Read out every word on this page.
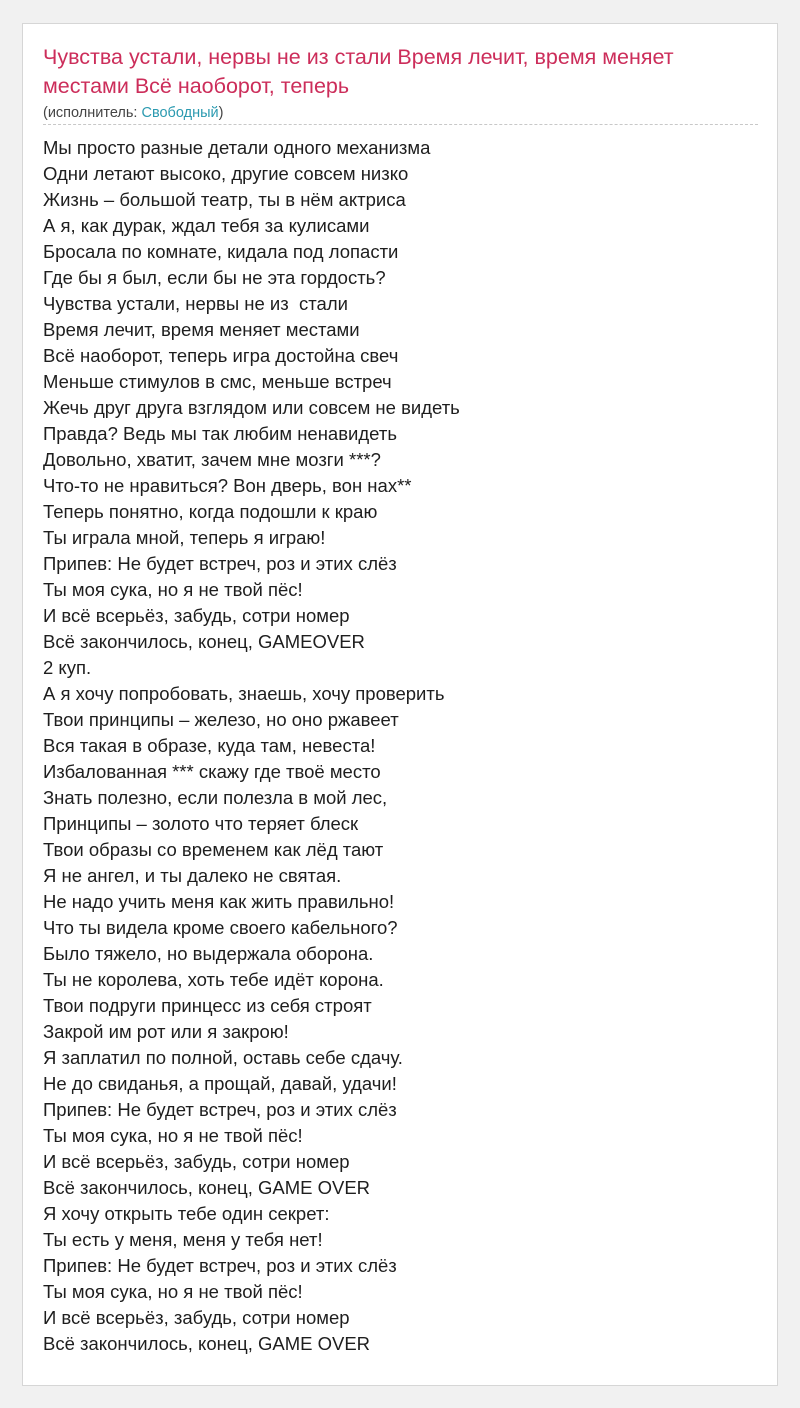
Чувства устали, нервы не из стали Время лечит, время меняет местами Всё наоборот, теперь
(исполнитель: Свободный)
Мы просто разные детали одного механизма
Одни летают высоко, другие совсем низко
Жизнь – большой театр, ты в нём актриса
А я, как дурак, ждал тебя за кулисами
Бросала по комнате, кидала под лопасти
Где бы я был, если бы не эта гордость?
Чувства устали, нервы не из  стали
Время лечит, время меняет местами
Всё наоборот, теперь игра достойна свеч
Меньше стимулов в смс, меньше встреч
Жечь друг друга взглядом или совсем не видеть
Правда? Ведь мы так любим ненавидеть
Довольно, хватит, зачем мне мозги ***?
Что-то не нравиться? Вон дверь, вон нах**
Теперь понятно, когда подошли к краю
Ты играла мной, теперь я играю!
Припев: Не будет встреч, роз и этих слёз
Ты моя сука, но я не твой пёс!
И всё всерьёз, забудь, сотри номер
Всё закончилось, конец, GAMEOVER
2 куп.
А я хочу попробовать, знаешь, хочу проверить
Твои принципы – железо, но оно ржавеет
Вся такая в образе, куда там, невеста!
Избалованная *** скажу где твоё место
Знать полезно, если полезла в мой лес,
Принципы – золото что теряет блеск
Твои образы со временем как лёд тают
Я не ангел, и ты далеко не святая.
Не надо учить меня как жить правильно!
Что ты видела кроме своего кабельного?
Было тяжело, но выдержала оборона.
Ты не королева, хоть тебе идёт корона.
Твои подруги принцесс из себя строят
Закрой им рот или я закрою!
Я заплатил по полной, оставь себе сдачу.
Не до свиданья, а прощай, давай, удачи!
Припев: Не будет встреч, роз и этих слёз
Ты моя сука, но я не твой пёс!
И всё всерьёз, забудь, сотри номер
Всё закончилось, конец, GAME OVER
Я хочу открыть тебе один секрет:
Ты есть у меня, меня у тебя нет!
Припев: Не будет встреч, роз и этих слёз
Ты моя сука, но я не твой пёс!
И всё всерьёз, забудь, сотри номер
Всё закончилось, конец, GAME OVER
